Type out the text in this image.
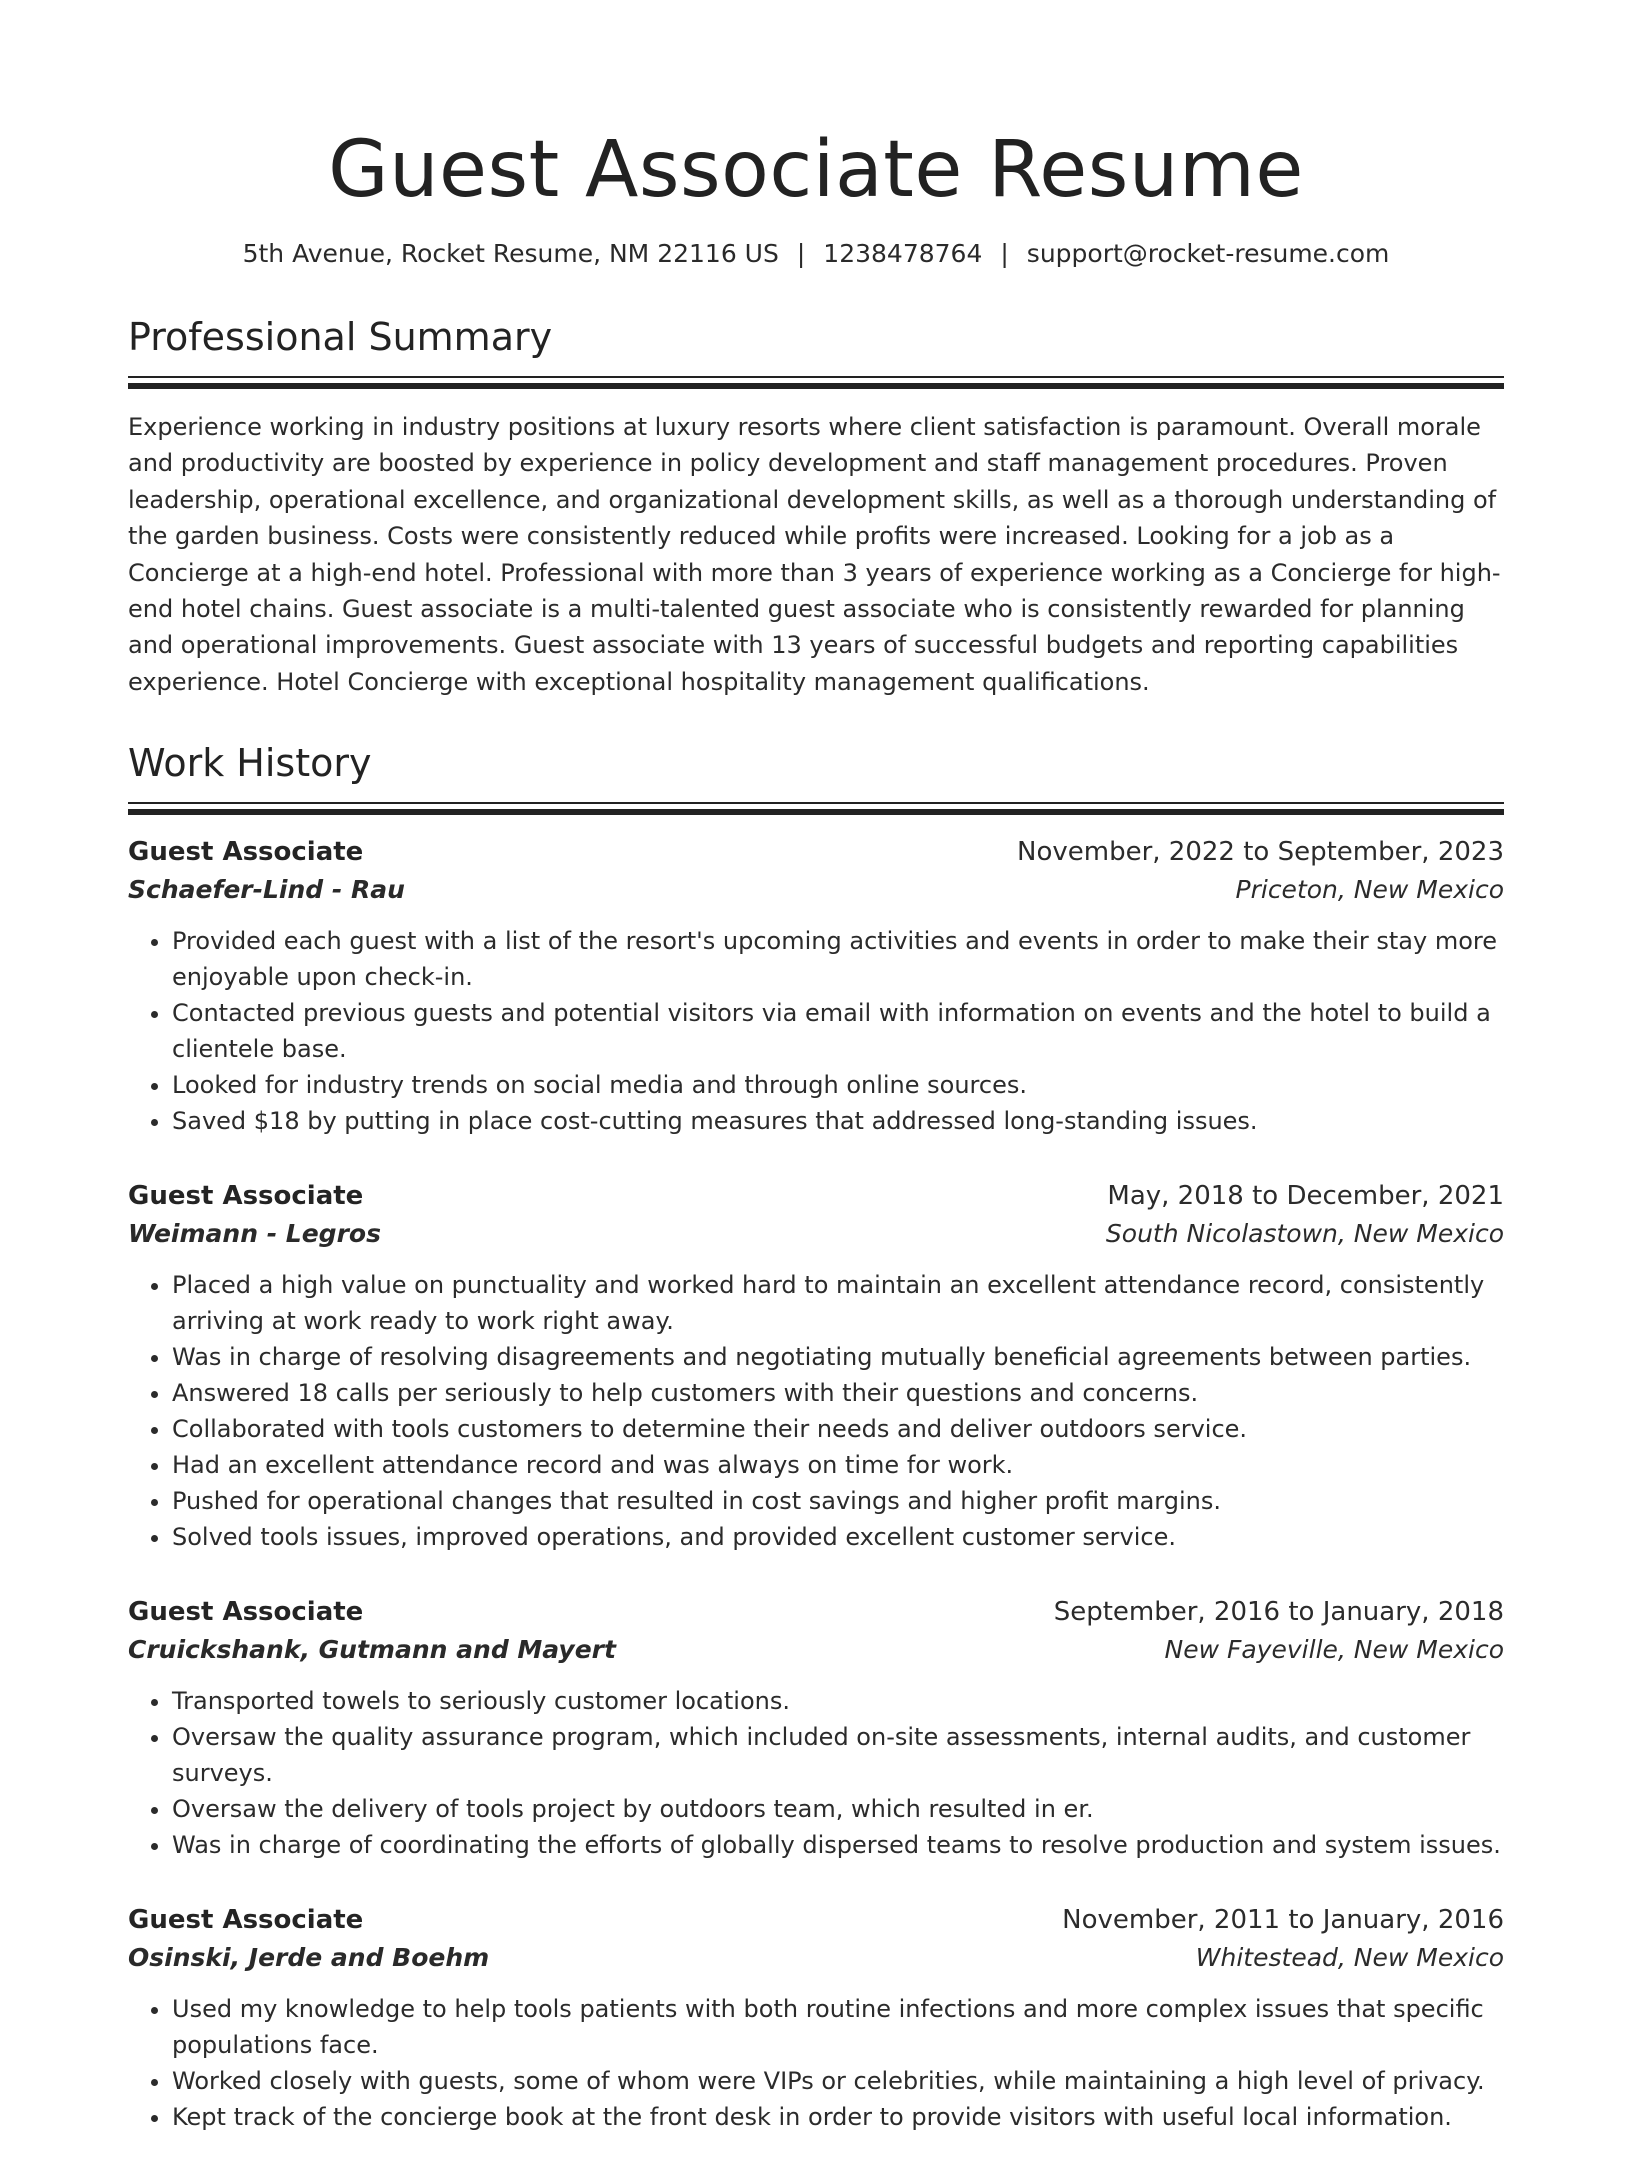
Guest Associate Resume
5th Avenue, Rocket Resume, NM 22116 US | 1238478764 | support@rocket-resume.com
Professional Summary

Experience working in industry positions at luxury resorts where client satisfaction is paramount. Overall morale and productivity are boosted by experience in policy development and staff management procedures. Proven leadership, operational excellence, and organizational development skills, as well as a thorough understanding of the garden business. Costs were consistently reduced while profits were increased. Looking for a job as a Concierge at a high-end hotel. Professional with more than 3 years of experience working as a Concierge for high-end hotel chains. Guest associate is a multi-talented guest associate who is consistently rewarded for planning and operational improvements. Guest associate with 13 years of successful budgets and reporting capabilities experience. Hotel Concierge with exceptional hospitality management qualifications.

Work History
Guest Associate	November, 2022 to September, 2023
Schaefer-Lind - Rau	Priceton, New Mexico
• Provided each guest with a list of the resort's upcoming activities and events in order to make their stay more enjoyable upon check-in.
• Contacted previous guests and potential visitors via email with information on events and the hotel to build a clientele base.
• Looked for industry trends on social media and through online sources.
• Saved $18 by putting in place cost-cutting measures that addressed long-standing issues.
Guest Associate	May, 2018 to December, 2021
Weimann - Legros	South Nicolastown, New Mexico
• Placed a high value on punctuality and worked hard to maintain an excellent attendance record, consistently arriving at work ready to work right away.
• Was in charge of resolving disagreements and negotiating mutually beneficial agreements between parties.
• Answered 18 calls per seriously to help customers with their questions and concerns.
• Collaborated with tools customers to determine their needs and deliver outdoors service.
• Had an excellent attendance record and was always on time for work.
• Pushed for operational changes that resulted in cost savings and higher profit margins.
• Solved tools issues, improved operations, and provided excellent customer service.
Guest Associate	September, 2016 to January, 2018
Cruickshank, Gutmann and Mayert	New Fayeville, New Mexico
• Transported towels to seriously customer locations.
• Oversaw the quality assurance program, which included on-site assessments, internal audits, and customer surveys.
• Oversaw the delivery of tools project by outdoors team, which resulted in er.
• Was in charge of coordinating the efforts of globally dispersed teams to resolve production and system issues.
Guest Associate	November, 2011 to January, 2016
Osinski, Jerde and Boehm	Whitestead, New Mexico
• Used my knowledge to help tools patients with both routine infections and more complex issues that specific populations face.
• Worked closely with guests, some of whom were VIPs or celebrities, while maintaining a high level of privacy.
• Kept track of the concierge book at the front desk in order to provide visitors with useful local information.
